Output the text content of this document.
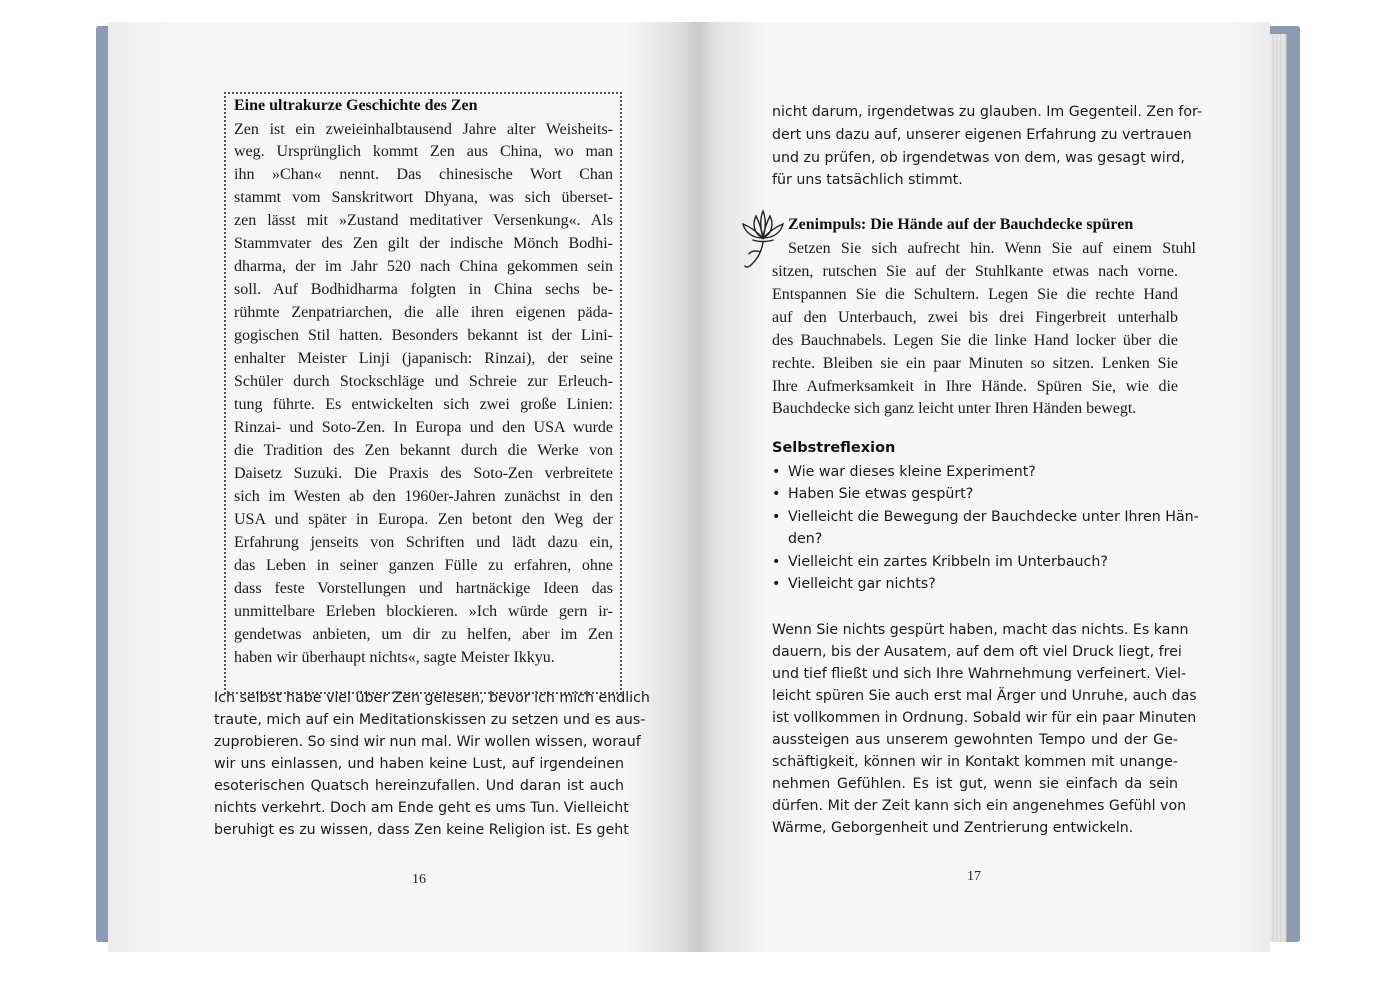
Eine ultrakurze Geschichte des Zen
Zen ist ein zweieinhalbtausend Jahre alter Weisheits-
weg. Ursprünglich kommt Zen aus China, wo man
ihn »Chan« nennt. Das chinesische Wort Chan
stammt vom Sanskritwort Dhyana, was sich überset-
zen lässt mit »Zustand meditativer Versenkung«. Als
Stammvater des Zen gilt der indische Mönch Bodhi-
dharma, der im Jahr 520 nach China gekommen sein
soll. Auf Bodhidharma folgten in China sechs be-
rühmte Zenpatriarchen, die alle ihren eigenen päda-
gogischen Stil hatten. Besonders bekannt ist der Lini-
enhalter Meister Linji (japanisch: Rinzai), der seine
Schüler durch Stockschläge und Schreie zur Erleuch-
tung führte. Es entwickelten sich zwei große Linien:
Rinzai- und Soto-Zen. In Europa und den USA wurde
die Tradition des Zen bekannt durch die Werke von
Daisetz Suzuki. Die Praxis des Soto-Zen verbreitete
sich im Westen ab den 1960er-Jahren zunächst in den
USA und später in Europa. Zen betont den Weg der
Erfahrung jenseits von Schriften und lädt dazu ein,
das Leben in seiner ganzen Fülle zu erfahren, ohne
dass feste Vorstellungen und hartnäckige Ideen das
unmittelbare Erleben blockieren. »Ich würde gern ir-
gendetwas anbieten, um dir zu helfen, aber im Zen
haben wir überhaupt nichts«, sagte Meister Ikkyu.
Ich selbst habe viel über Zen gelesen, bevor ich mich endlich
traute, mich auf ein Meditationskissen zu setzen und es aus-
zuprobieren. So sind wir nun mal. Wir wollen wissen, worauf
wir uns einlassen, und haben keine Lust, auf irgendeinen
esoterischen Quatsch hereinzufallen. Und daran ist auch
nichts verkehrt. Doch am Ende geht es ums Tun. Vielleicht
beruhigt es zu wissen, dass Zen keine Religion ist. Es geht
16
nicht darum, irgendetwas zu glauben. Im Gegenteil. Zen for-
dert uns dazu auf, unserer eigenen Erfahrung zu vertrauen
und zu prüfen, ob irgendetwas von dem, was gesagt wird,
für uns tatsächlich stimmt.
Zenimpuls: Die Hände auf der Bauchdecke spüren
Setzen Sie sich aufrecht hin. Wenn Sie auf einem Stuhl
sitzen, rutschen Sie auf der Stuhlkante etwas nach vorne.
Entspannen Sie die Schultern. Legen Sie die rechte Hand
auf den Unterbauch, zwei bis drei Fingerbreit unterhalb
des Bauchnabels. Legen Sie die linke Hand locker über die
rechte. Bleiben sie ein paar Minuten so sitzen. Lenken Sie
Ihre Aufmerksamkeit in Ihre Hände. Spüren Sie, wie die
Bauchdecke sich ganz leicht unter Ihren Händen bewegt.
Selbstreflexion
• Wie war dieses kleine Experiment?
• Haben Sie etwas gespürt?
• Vielleicht die Bewegung der Bauchdecke unter Ihren Hän-
den?
• Vielleicht ein zartes Kribbeln im Unterbauch?
• Vielleicht gar nichts?
Wenn Sie nichts gespürt haben, macht das nichts. Es kann
dauern, bis der Ausatem, auf dem oft viel Druck liegt, frei
und tief fließt und sich Ihre Wahrnehmung verfeinert. Viel-
leicht spüren Sie auch erst mal Ärger und Unruhe, auch das
ist vollkommen in Ordnung. Sobald wir für ein paar Minuten
aussteigen aus unserem gewohnten Tempo und der Ge-
schäftigkeit, können wir in Kontakt kommen mit unange-
nehmen Gefühlen. Es ist gut, wenn sie einfach da sein
dürfen. Mit der Zeit kann sich ein angenehmes Gefühl von
Wärme, Geborgenheit und Zentrierung entwickeln.
17
